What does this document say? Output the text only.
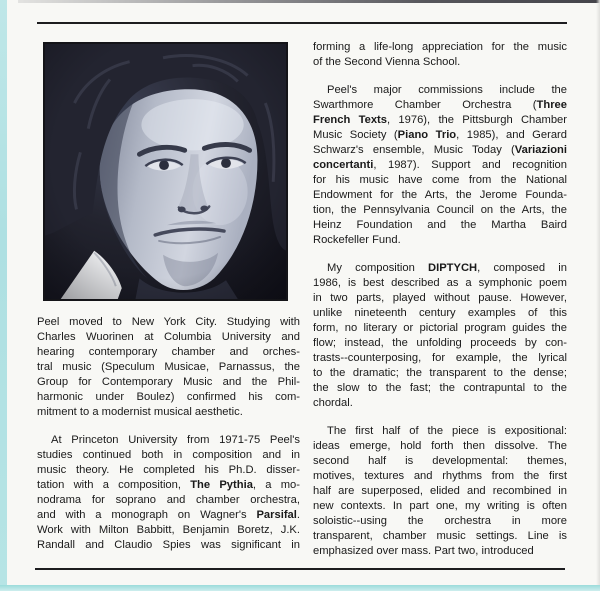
Peel moved to New York City. Studying with
Charles Wuorinen at Columbia University and
hearing contemporary chamber and orches-
tral music (Speculum Musicae, Parnassus, the
Group for Contemporary Music and the Phil-
harmonic under Boulez) confirmed his com-
mitment to a modernist musical aesthetic.
At Princeton University from 1971-75 Peel's
studies continued both in composition and in
music theory. He completed his Ph.D. disser-
tation with a composition, The Pythia, a mo-
nodrama for soprano and chamber orchestra,
and with a monograph on Wagner's Parsifal.
Work with Milton Babbitt, Benjamin Boretz, J.K.
Randall and Claudio Spies was significant in
forming a life-long appreciation for the music
of the Second Vienna School.
Peel's major commissions include the
Swarthmore Chamber Orchestra (Three
French Texts, 1976), the Pittsburgh Chamber
Music Society (Piano Trio, 1985), and Gerard
Schwarz's ensemble, Music Today (Variazioni
concertanti, 1987). Support and recognition
for his music have come from the National
Endowment for the Arts, the Jerome Founda-
tion, the Pennsylvania Council on the Arts, the
Heinz Foundation and the Martha Baird
Rockefeller Fund.
My composition DIPTYCH, composed in
1986, is best described as a symphonic poem
in two parts, played without pause. However,
unlike nineteenth century examples of this
form, no literary or pictorial program guides the
flow; instead, the unfolding proceeds by con-
trasts--counterposing, for example, the lyrical
to the dramatic; the transparent to the dense;
the slow to the fast; the contrapuntal to the
chordal.
The first half of the piece is expositional:
ideas emerge, hold forth then dissolve. The
second half is developmental: themes,
motives, textures and rhythms from the first
half are superposed, elided and recombined in
new contexts. In part one, my writing is often
soloistic--using the orchestra in more
transparent, chamber music settings. Line is
emphasized over mass. Part two, introduced
